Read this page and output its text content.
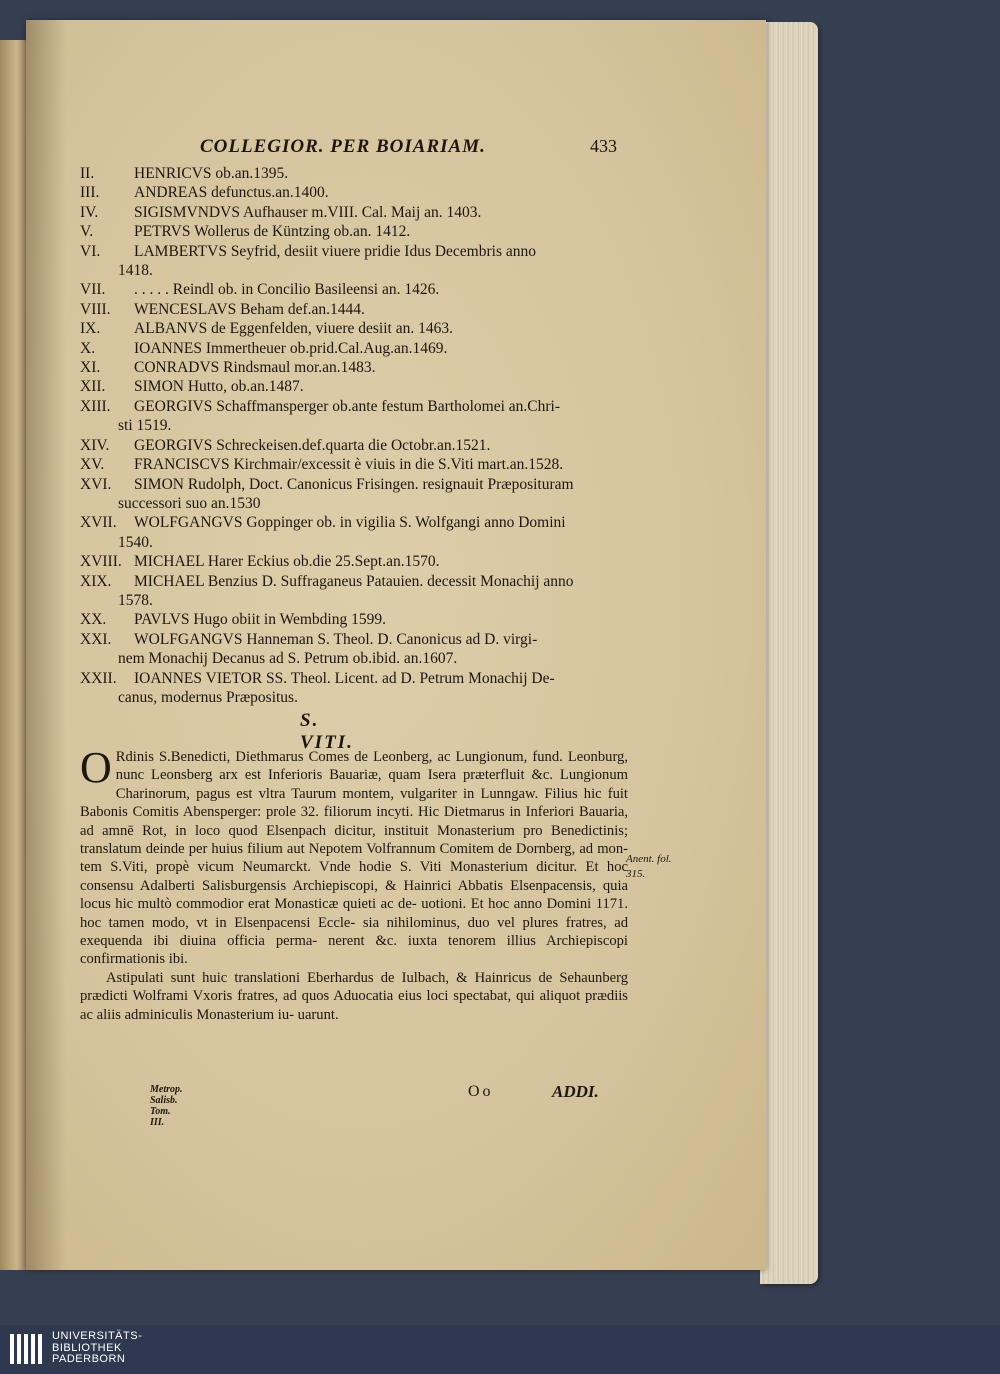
COLLEGIOR. PER BOIARIAM.	433
II.	HENRICVS ob.an.1395.
III. ANDREAS defunctus.an.1400.
IV. SIGISMVNDVS Aufhauser m.VIII. Cal. Maij an. 1403.
V.	PETRVS Wollerus de Küntzing ob.an. 1412.
VI. LAMBERTVS Seyfrid, desiit viuere pridie Idus Decembris anno
1418.
VII. . . . . . Reindl ob. in Concilio Basileensi an. 1426.
VIII. WENCESLAVS Beham def.an.1444.
IX. ALBANVS de Eggenfelden, viuere desiit an. 1463.
X.	IOANNES Immertheuer ob.prid.Cal.Aug.an.1469.
XI. CONRADVS Rindsmaul mor.an.1483.
XII. SIMON Hutto, ob.an.1487.
XIII. GEORGIVS Schaffmansperger ob.ante festum Bartholomei an.Chri-
sti 1519.
XIV. GEORGIVS Schreckeisen.def.quarta die Octobr.an.1521.
XV. FRANCISCVS Kirchmair/excessit è viuis in die S.Viti mart.an.1528.
XVI. SIMON Rudolph, Doct. Canonicus Frisingen. resignauit Præposituram
successori suo an.1530
XVII. WOLFGANGVS Goppinger ob. in vigilia S. Wolfgangi anno Domini
1540.
XVIII. MICHAEL Harer Eckius ob.die 25.Sept.an.1570.
XIX. MICHAEL Benzius D. Suffraganeus Patauien. decessit Monachij anno
1578.
XX. PAVLVS Hugo obiit in Wembding 1599.
XXI. WOLFGANGVS Hanneman S. Theol. D. Canonicus ad D. virgi-
nem Monachij Decanus ad S. Petrum ob.ibid. an.1607.
XXII. IOANNES VIETOR SS. Theol. Licent. ad D. Petrum Monachij De-
canus, modernus Præpositus.
S. VITI.

O Rdinis S.Benedicti, Diethmarus Comes de Leonberg, ac Lungionum, fund. Leonburg, nunc Leonsberg arx est Inferioris Bauariæ, quam Isera præterfluit &c. Lungionum Charinorum, pagus est vltra Taurum montem, vulgariter in Lunngaw. Filius hic fuit Babonis Comitis Abensperger: prole 32. filiorum incyti. Hic Dietmarus in Inferiori Bauaria, ad amnē Rot, in loco quod Elsenpach dicitur, instituit Monasterium pro Benedictinis; translatum deinde per huius filium aut Nepotem Volfrannum Comitem de Dornberg, ad mon- tem S.Viti, propè vicum Neumarckt. Vnde hodie S. Viti Monasterium dicitur. Et hoc consensu Adalberti Salisburgensis Archiepiscopi, & Hainrici Abbatis Elsenpacensis, quia locus hic multò commodior erat Monasticæ quieti ac de- uotioni. Et hoc anno Domini 1171. hoc tamen modo, vt in Elsenpacensi Eccle- sia nihilominus, duo vel plures fratres, ad exequenda ibi diuina officia perma- nerent &c. iuxta tenorem illius Archiepiscopi confirmationis ibi.

Astipulati sunt huic translationi Eberhardus de Iulbach, & Hainricus de Sehaunberg prædicti Wolframi Vxoris fratres, ad quos Aduocatia eius loci spectabat, qui aliquot prædiis ac aliis adminiculis Monasterium iu- uarunt.

Anent. fol.
315.
Metrop. Salisb. Tom. III.
Oo	ADDI.
UNIVERSITÄTS-
BIBLIOTHEK
PADERBORN
